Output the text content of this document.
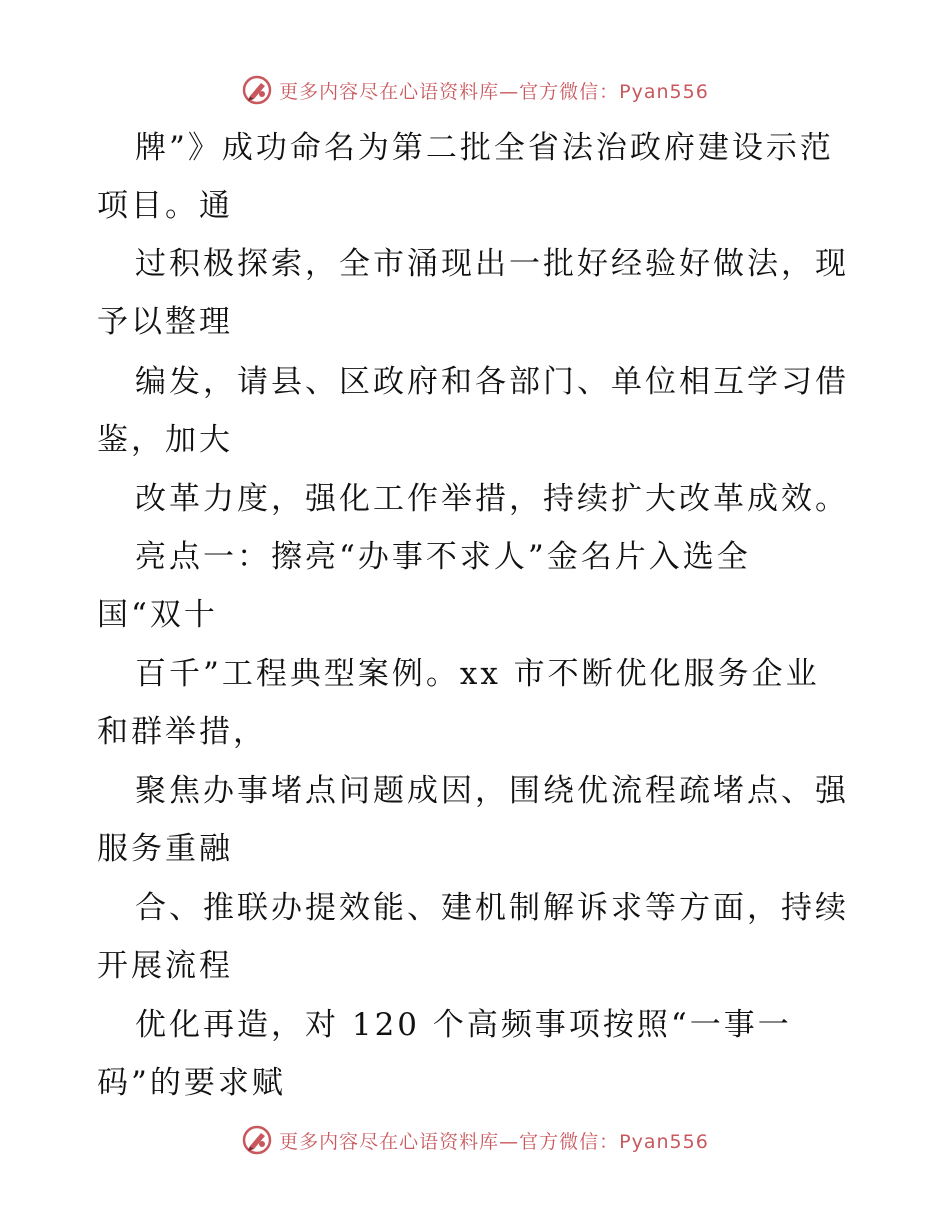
更多内容尽在心语资料库—官方微信：Pyan556
牌”》成功命名为第二批全省法治政府建设示范
项目。通
过积极探索，全市涌现出一批好经验好做法，现
予以整理
编发，请县、区政府和各部门、单位相互学习借
鉴，加大
改革力度，强化工作举措，持续扩大改革成效。
亮点一：擦亮“办事不求人”金名片入选全
国“双十
百千”工程典型案例。xx 市不断优化服务企业
和群举措，
聚焦办事堵点问题成因，围绕优流程疏堵点、强
服务重融
合、推联办提效能、建机制解诉求等方面，持续
开展流程
优化再造，对 120 个高频事项按照“一事一
码”的要求赋
更多内容尽在心语资料库—官方微信：Pyan556
